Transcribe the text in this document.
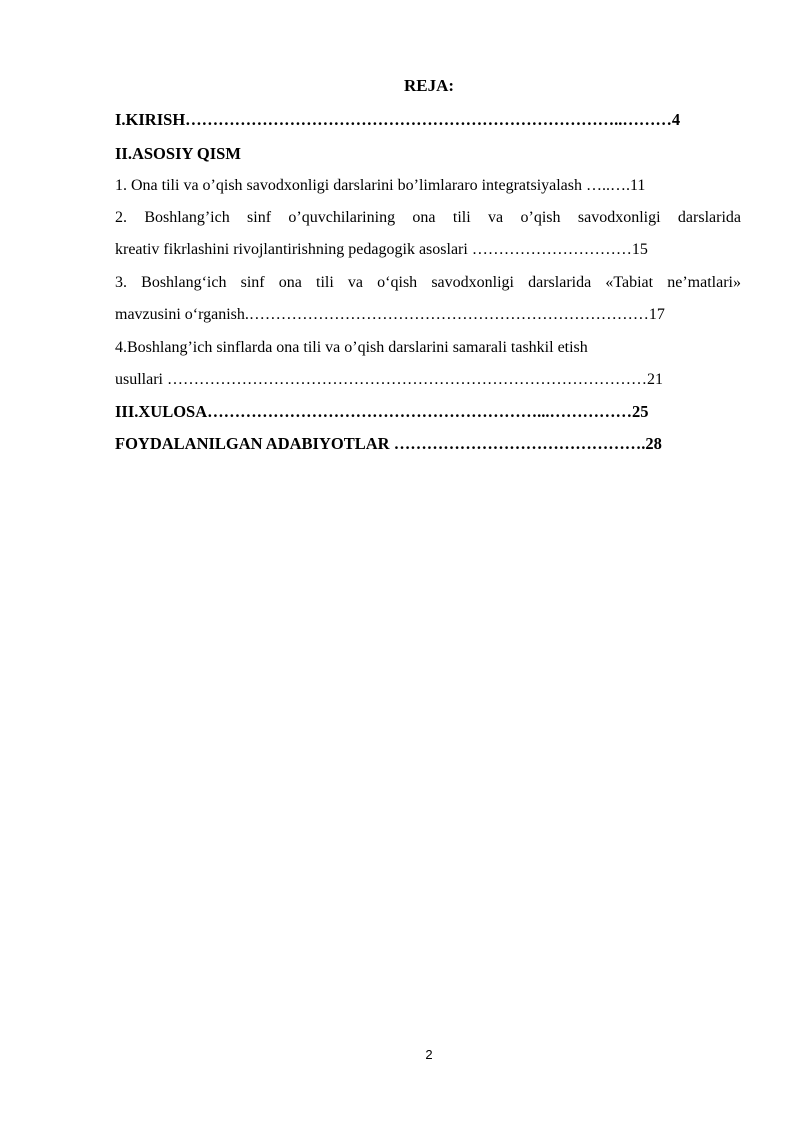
REJA:
I.KIRISH……………………………………………………………………..………4
II.ASOSIY QISM
1. Ona tili va o’qish savodxonligi darslarini bo’limlararo integratsiyalash …..….11
2. Boshlang’ich sinf o’quvchilarining ona tili va o’qish savodxonligi darslarida
kreativ fikrlashini rivojlantirishning pedagogik asoslari …………………………15
3. Boshlang‘ich sinf ona tili va o‘qish savodxonligi darslarida «Tabiat ne’matlari»
mavzusini o‘rganish.…………………………………………………………………17
4.Boshlang’ich sinflarda ona tili va o’qish darslarini samarali tashkil etish
usullari ………………………………………………………………………………21
III.XULOSA……………………………………………………...……………25
FOYDALANILGAN ADABIYOTLAR ……………………………………….28
2
